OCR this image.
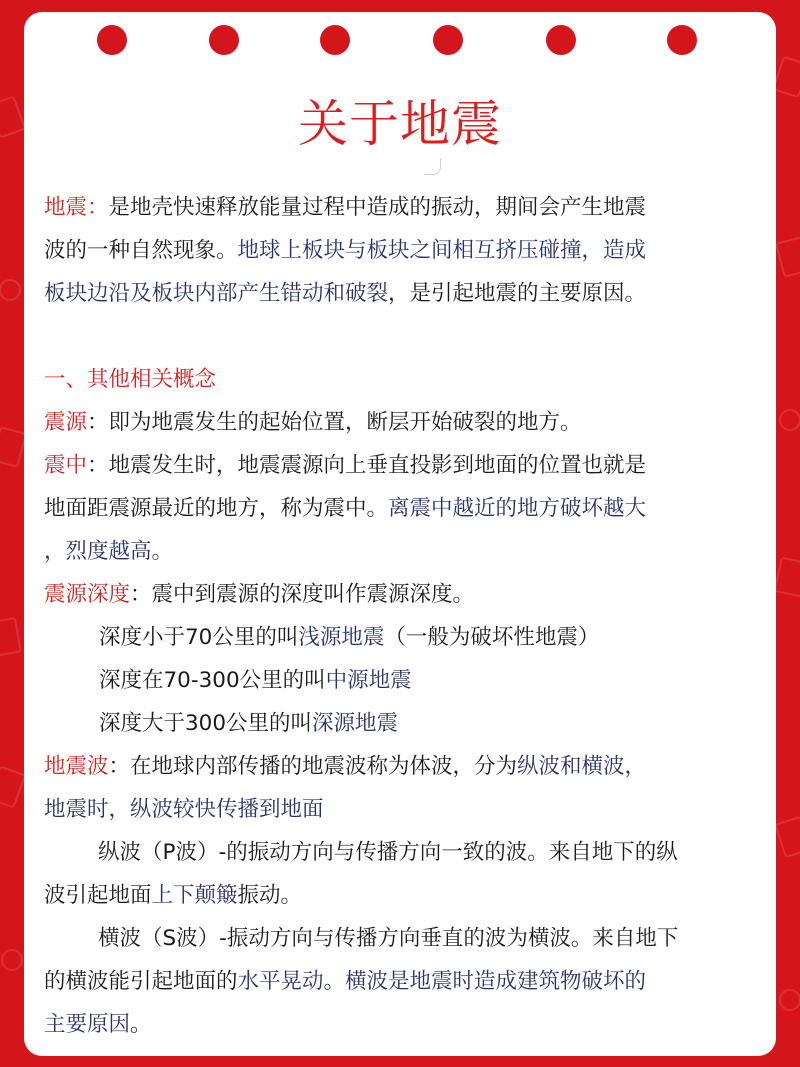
关于地震

地震：是地壳快速释放能量过程中造成的振动，期间会产生地震
波的一种自然现象。地球上板块与板块之间相互挤压碰撞，造成
板块边沿及板块内部产生错动和破裂，是引起地震的主要原因。

一、其他相关概念

震源：即为地震发生的起始位置，断层开始破裂的地方。

震中：地震发生时，地震震源向上垂直投影到地面的位置也就是
地面距震源最近的地方，称为震中。离震中越近的地方破坏越大
，烈度越高。

震源深度：震中到震源的深度叫作震源深度。

深度小于70公里的叫浅源地震（一般为破坏性地震）

深度在70-300公里的叫中源地震

深度大于300公里的叫深源地震

地震波：在地球内部传播的地震波称为体波，分为纵波和横波，
地震时，纵波较快传播到地面

纵波（P波）-的振动方向与传播方向一致的波。来自地下的纵
波引起地面上下颠簸振动。

横波（S波）-振动方向与传播方向垂直的波为横波。来自地下
的横波能引起地面的水平晃动。横波是地震时造成建筑物破坏的
主要原因。
